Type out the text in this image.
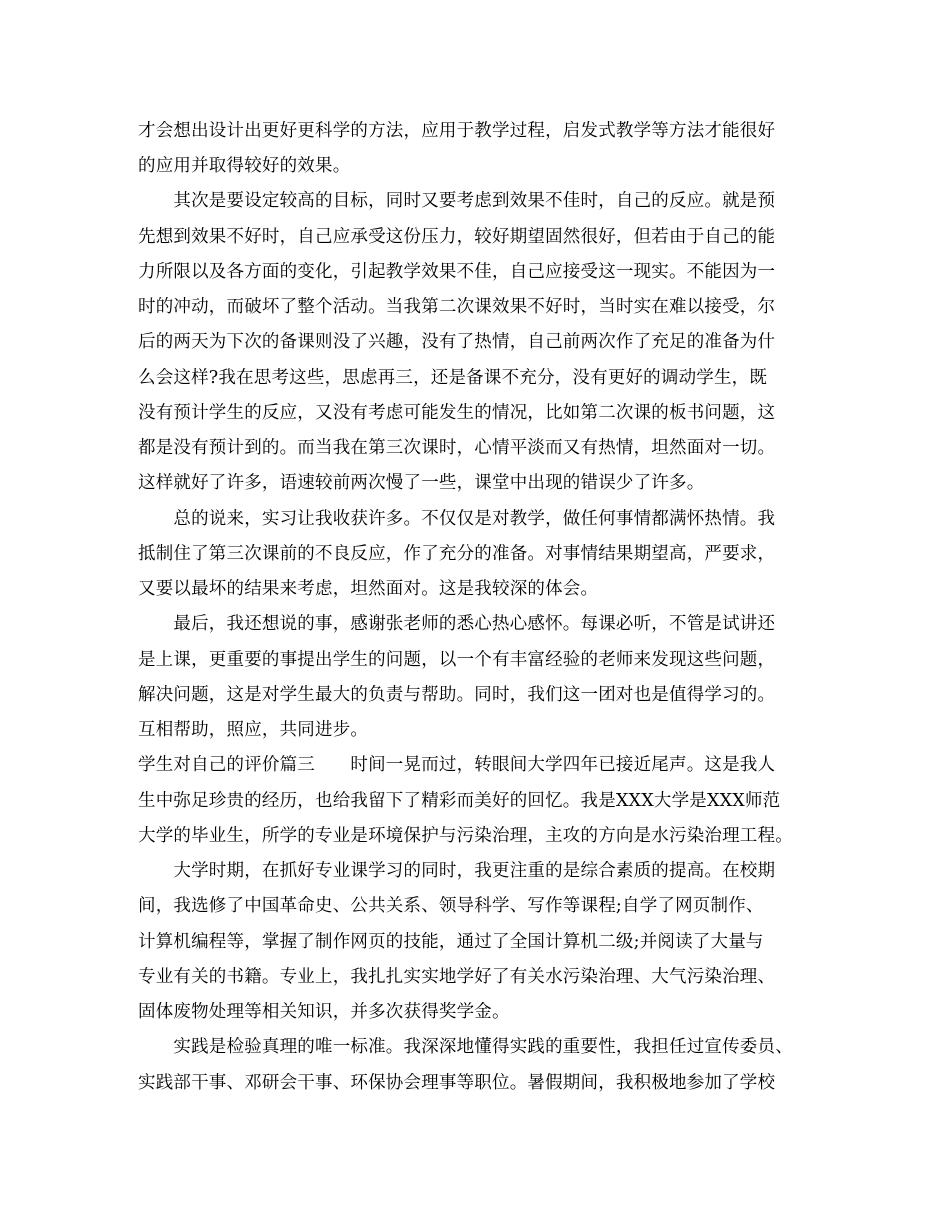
才会想出设计出更好更科学的方法，应用于教学过程，启发式教学等方法才能很好
的应用并取得较好的效果。
　　其次是要设定较高的目标，同时又要考虑到效果不佳时，自己的反应。就是预
先想到效果不好时，自己应承受这份压力，较好期望固然很好，但若由于自己的能
力所限以及各方面的变化，引起教学效果不佳，自己应接受这一现实。不能因为一
时的冲动，而破坏了整个活动。当我第二次课效果不好时，当时实在难以接受，尔
后的两天为下次的备课则没了兴趣，没有了热情，自己前两次作了充足的准备为什
么会这样?我在思考这些，思虑再三，还是备课不充分，没有更好的调动学生，既
没有预计学生的反应，又没有考虑可能发生的情况，比如第二次课的板书问题，这
都是没有预计到的。而当我在第三次课时，心情平淡而又有热情，坦然面对一切。
这样就好了许多，语速较前两次慢了一些，课堂中出现的错误少了许多。
　　总的说来，实习让我收获许多。不仅仅是对教学，做任何事情都满怀热情。我
抵制住了第三次课前的不良反应，作了充分的准备。对事情结果期望高，严要求，
又要以最坏的结果来考虑，坦然面对。这是我较深的体会。
　　最后，我还想说的事，感谢张老师的悉心热心感怀。每课必听，不管是试讲还
是上课，更重要的事提出学生的问题，以一个有丰富经验的老师来发现这些问题，
解决问题，这是对学生最大的负责与帮助。同时，我们这一团对也是值得学习的。
互相帮助，照应，共同进步。
学生对自己的评价篇三　　时间一晃而过，转眼间大学四年已接近尾声。这是我人
生中弥足珍贵的经历，也给我留下了精彩而美好的回忆。我是XXX大学是XXX师范
大学的毕业生，所学的专业是环境保护与污染治理，主攻的方向是水污染治理工程。
　　大学时期，在抓好专业课学习的同时，我更注重的是综合素质的提高。在校期
间，我选修了中国革命史、公共关系、领导科学、写作等课程;自学了网页制作、
计算机编程等，掌握了制作网页的技能，通过了全国计算机二级;并阅读了大量与
专业有关的书籍。专业上，我扎扎实实地学好了有关水污染治理、大气污染治理、
固体废物处理等相关知识，并多次获得奖学金。
　　实践是检验真理的唯一标准。我深深地懂得实践的重要性，我担任过宣传委员、
实践部干事、邓研会干事、环保协会理事等职位。暑假期间，我积极地参加了学校
